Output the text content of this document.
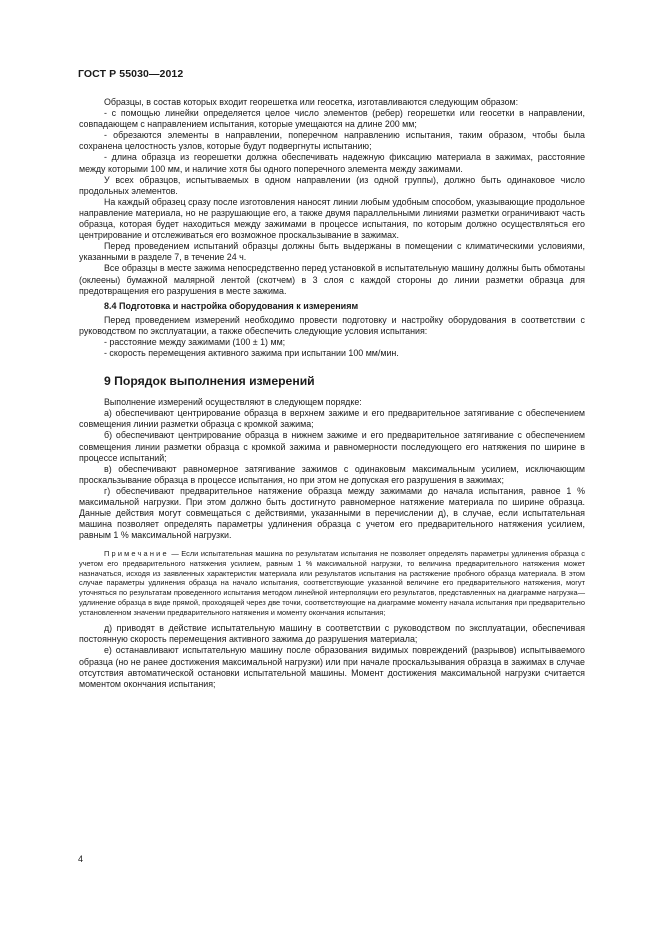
ГОСТ Р 55030—2012

Образцы, в состав которых входит георешетка или геосетка, изготавливаются следующим образом:

- с помощью линейки определяется целое число элементов (ребер) георешетки или геосетки в направлении, совпадающем с направлением испытания, которые умещаются на длине 200 мм;

- обрезаются элементы в направлении, поперечном направлению испытания, таким образом, чтобы была сохранена целостность узлов, которые будут подвергнуты испытанию;

- длина образца из георешетки должна обеспечивать надежную фиксацию материала в зажимах, расстояние между которыми 100 мм, и наличие хотя бы одного поперечного элемента между зажимами.

У всех образцов, испытываемых в одном направлении (из одной группы), должно быть одинаковое число продольных элементов.

На каждый образец сразу после изготовления наносят линии любым удобным способом, указывающие продольное направление материала, но не разрушающие его, а также двумя параллельными линиями разметки ограничивают часть образца, которая будет находиться между зажимами в процессе испытания, по которым должно осуществляться его центрирование и отслеживаться его возможное проскальзывание в зажимах.

Перед проведением испытаний образцы должны быть выдержаны в помещении с климатическими условиями, указанными в разделе 7, в течение 24 ч.

Все образцы в месте зажима непосредственно перед установкой в испытательную машину должны быть обмотаны (оклеены) бумажной малярной лентой (скотчем) в 3 слоя с каждой стороны до линии разметки образца для предотвращения его разрушения в месте зажима.

8.4 Подготовка и настройка оборудования к измерениям

Перед проведением измерений необходимо провести подготовку и настройку оборудования в соответствии с руководством по эксплуатации, а также обеспечить следующие условия испытания:

- расстояние между зажимами (100 ± 1) мм;

- скорость перемещения активного зажима при испытании 100 мм/мин.

9 Порядок выполнения измерений

Выполнение измерений осуществляют в следующем порядке:

а) обеспечивают центрирование образца в верхнем зажиме и его предварительное затягивание с обеспечением совмещения линии разметки образца с кромкой зажима;

б) обеспечивают центрирование образца в нижнем зажиме и его предварительное затягивание с обеспечением совмещения линии разметки образца с кромкой зажима и равномерности последующего его натяжения по ширине в процессе испытаний;

в) обеспечивают равномерное затягивание зажимов с одинаковым максимальным усилием, исключающим проскальзывание образца в процессе испытания, но при этом не допуская его разрушения в зажимах;

г) обеспечивают предварительное натяжение образца между зажимами до начала испытания, равное 1 % максимальной нагрузки. При этом должно быть достигнуто равномерное натяжение материала по ширине образца. Данные действия могут совмещаться с действиями, указанными в перечислении д), в случае, если испытательная машина позволяет определять параметры удлинения образца с учетом его предварительного натяжения усилием, равным 1 % максимальной нагрузки.

Примечание — Если испытательная машина по результатам испытания не позволяет определять параметры удлинения образца с учетом его предварительного натяжения усилием, равным 1 % максимальной нагрузки, то величина предварительного натяжения может назначаться, исходя из заявленных характеристик материала или результатов испытания на растяжение пробного образца материала. В этом случае параметры удлинения образца на начало испытания, соответствующие указанной величине его предварительного натяжения, могут уточняться по результатам проведенного испытания методом линейной интерполяции его результатов, представленных на диаграмме нагрузка—удлинение образца в виде прямой, проходящей через две точки, соответствующие на диаграмме моменту начала испытания при предварительно установленном значении предварительного натяжения и моменту окончания испытания;

д) приводят в действие испытательную машину в соответствии с руководством по эксплуатации, обеспечивая постоянную скорость перемещения активного зажима до разрушения материала;

е) останавливают испытательную машину после образования видимых повреждений (разрывов) испытываемого образца (но не ранее достижения максимальной нагрузки) или при начале проскальзывания образца в зажимах в случае отсутствия автоматической остановки испытательной машины. Момент достижения максимальной нагрузки считается моментом окончания испытания;

4
